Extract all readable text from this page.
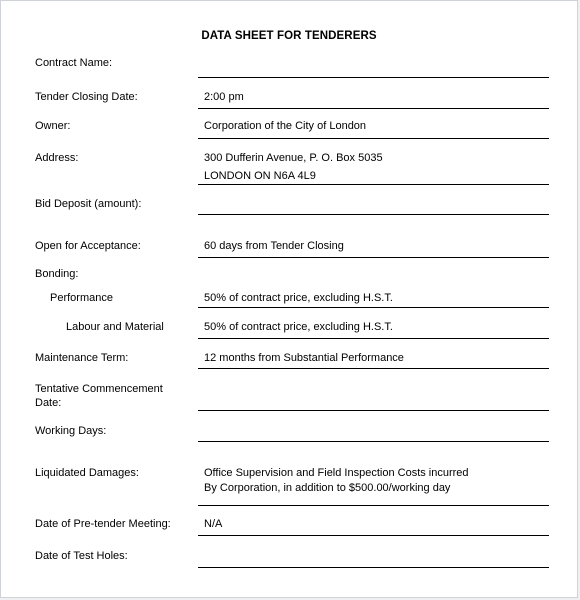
DATA SHEET FOR TENDERERS
Contract Name:
Tender Closing Date:	2:00 pm
Owner:	Corporation of the City of London
Address:	300 Dufferin Avenue, P. O. Box 5035
LONDON ON N6A 4L9
Bid Deposit (amount):
Open for Acceptance:	60 days from Tender Closing
Bonding:
Performance	50% of contract price, excluding H.S.T.
Labour and Material	50% of contract price, excluding H.S.T.
Maintenance Term:	12 months from Substantial Performance
Tentative Commencement
Date:
Working Days:
Liquidated Damages:	Office Supervision and Field Inspection Costs incurred
By Corporation, in addition to $500.00/working day
Date of Pre-tender Meeting:	N/A
Date of Test Holes:
